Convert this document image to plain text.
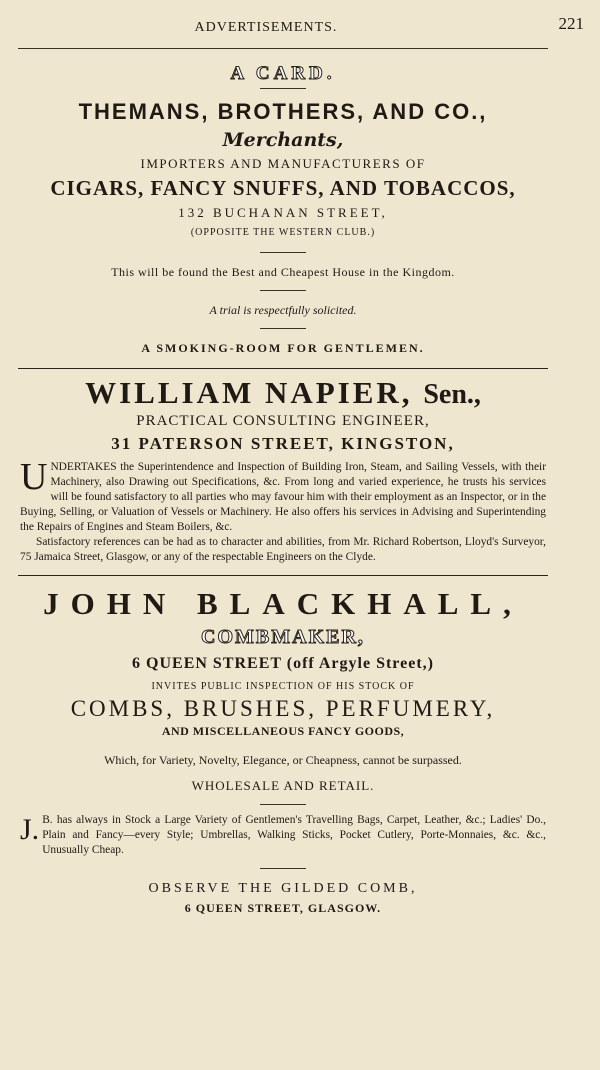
ADVERTISEMENTS.	221
A CARD.
THEMANS, BROTHERS, AND CO.,
Merchants,
IMPORTERS AND MANUFACTURERS OF
CIGARS, FANCY SNUFFS, AND TOBACCOS,
132 BUCHANAN STREET,
(OPPOSITE THE WESTERN CLUB.)
This will be found the Best and Cheapest House in the Kingdom.
A trial is respectfully solicited.
A SMOKING-ROOM FOR GENTLEMEN.
WILLIAM NAPIER, Sen.,
PRACTICAL CONSULTING ENGINEER,
31 PATERSON STREET, KINGSTON,

UNDERTAKES the Superintendence and Inspection of Building Iron, Steam, and Sailing Vessels, with their Machinery, also Drawing out Specifications, &c. From long and varied experience, he trusts his services will be found satisfactory to all parties who may favour him with their employment as an Inspector, or in the Buying, Selling, or Valuation of Vessels or Machinery. He also offers his services in Advising and Superintending the Repairs of Engines and Steam Boilers, &c.

Satisfactory references can be had as to character and abilities, from Mr. Richard Robertson, Lloyd's Surveyor, 75 Jamaica Street, Glasgow, or any of the respectable Engineers on the Clyde.

JOHN BLACKHALL,
COMBMAKER,
6 QUEEN STREET (off Argyle Street,)
INVITES PUBLIC INSPECTION OF HIS STOCK OF
COMBS, BRUSHES, PERFUMERY,
AND MISCELLANEOUS FANCY GOODS,
Which, for Variety, Novelty, Elegance, or Cheapness, cannot be surpassed.
WHOLESALE AND RETAIL.

J. B. has always in Stock a Large Variety of Gentlemen's Travelling Bags, Carpet, Leather, &c.; Ladies' Do., Plain and Fancy—every Style; Umbrellas, Walking Sticks, Pocket Cutlery, Porte-Monnaies, &c. &c., Unusually Cheap.

OBSERVE THE GILDED COMB,
6 QUEEN STREET, GLASGOW.
